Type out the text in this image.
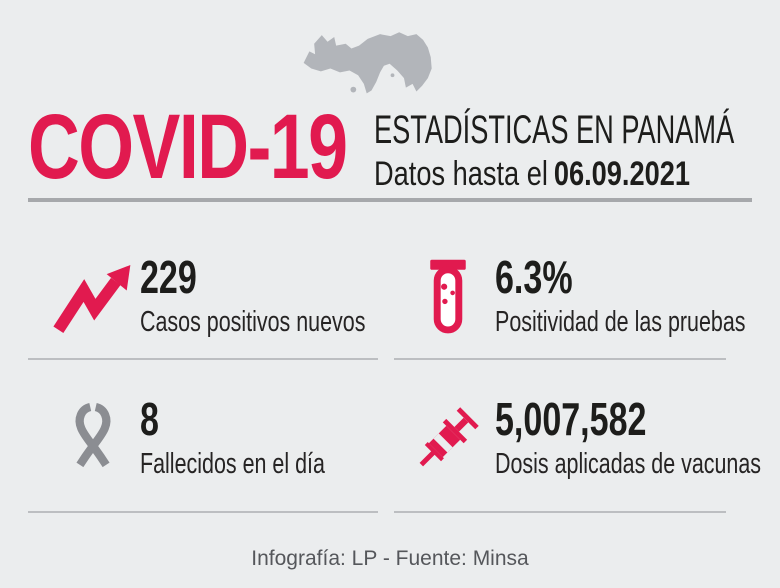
COVID-19 ESTADÍSTICAS EN PANAMÁ
Datos hasta el 06.09.2021
229
Casos positivos nuevos
6.3%
Positividad de las pruebas
8
Fallecidos en el día
5,007,582
Dosis aplicadas de vacunas
Infografía: LP - Fuente: Minsa
